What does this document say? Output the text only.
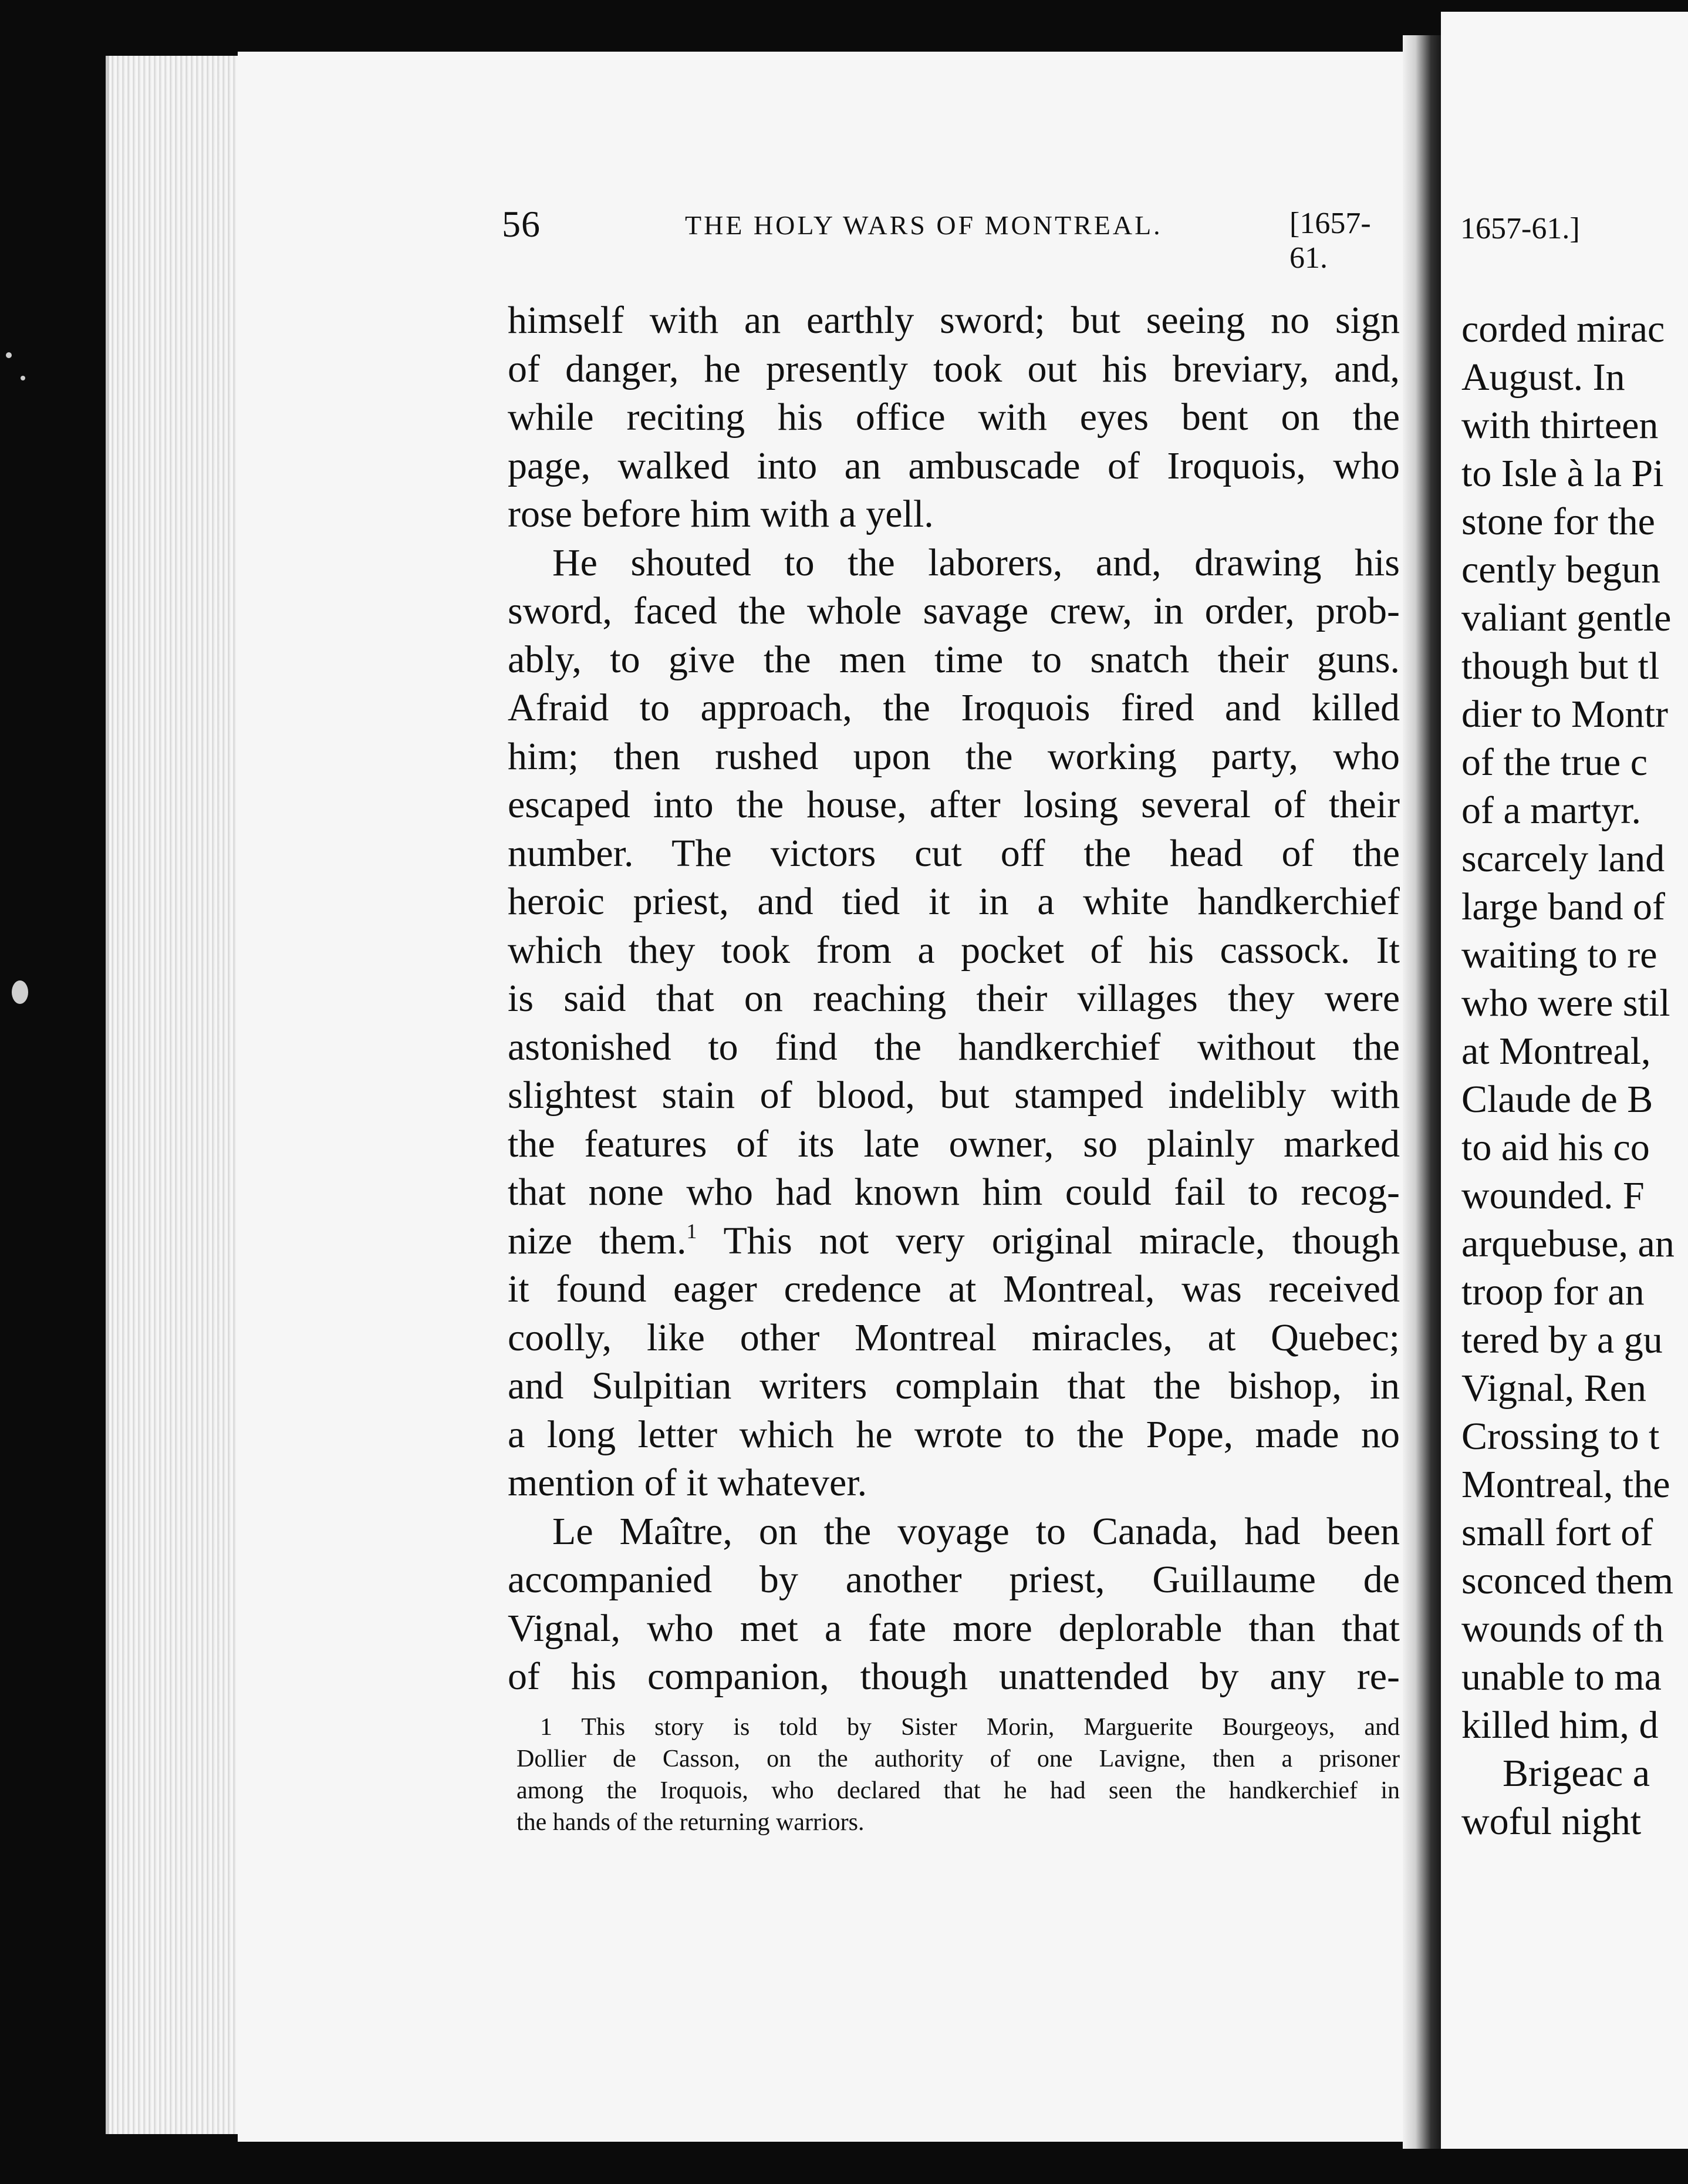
56	THE HOLY WARS OF MONTREAL.	[1657-61.
himself with an earthly sword; but seeing no sign
of danger, he presently took out his breviary, and,
while reciting his office with eyes bent on the
page, walked into an ambuscade of Iroquois, who
rose before him with a yell.
He shouted to the laborers, and, drawing his
sword, faced the whole savage crew, in order, prob-
ably, to give the men time to snatch their guns.
Afraid to approach, the Iroquois fired and killed
him; then rushed upon the working party, who
escaped into the house, after losing several of their
number. The victors cut off the head of the
heroic priest, and tied it in a white handkerchief
which they took from a pocket of his cassock. It
is said that on reaching their villages they were
astonished to find the handkerchief without the
slightest stain of blood, but stamped indelibly with
the features of its late owner, so plainly marked
that none who had known him could fail to recog-
nize them.$^1$ This not very original miracle, though
it found eager credence at Montreal, was received
coolly, like other Montreal miracles, at Quebec;
and Sulpitian writers complain that the bishop, in
a long letter which he wrote to the Pope, made no
mention of it whatever.
Le Maître, on the voyage to Canada, had been
accompanied by another priest, Guillaume de
Vignal, who met a fate more deplorable than that
of his companion, though unattended by any re-
1 This story is told by Sister Morin, Marguerite Bourgeoys, and
Dollier de Casson, on the authority of one Lavigne, then a prisoner
among the Iroquois, who declared that he had seen the handkerchief in
the hands of the returning warriors.
1657-61.]
corded mirac
August. In
with thirteen
to Isle à la Pi
stone for the
cently begun
valiant gentle
though but tl
dier to Montr
of the true c
of a martyr.
scarcely land
large band of
waiting to re
who were stil
at Montreal,
Claude de B
to aid his co
wounded. F
arquebuse, an
troop for an
tered by a gu
Vignal, Ren
Crossing to t
Montreal, the
small fort of
sconced them
wounds of th
unable to ma
killed him, d
Brigeac a
woful night
